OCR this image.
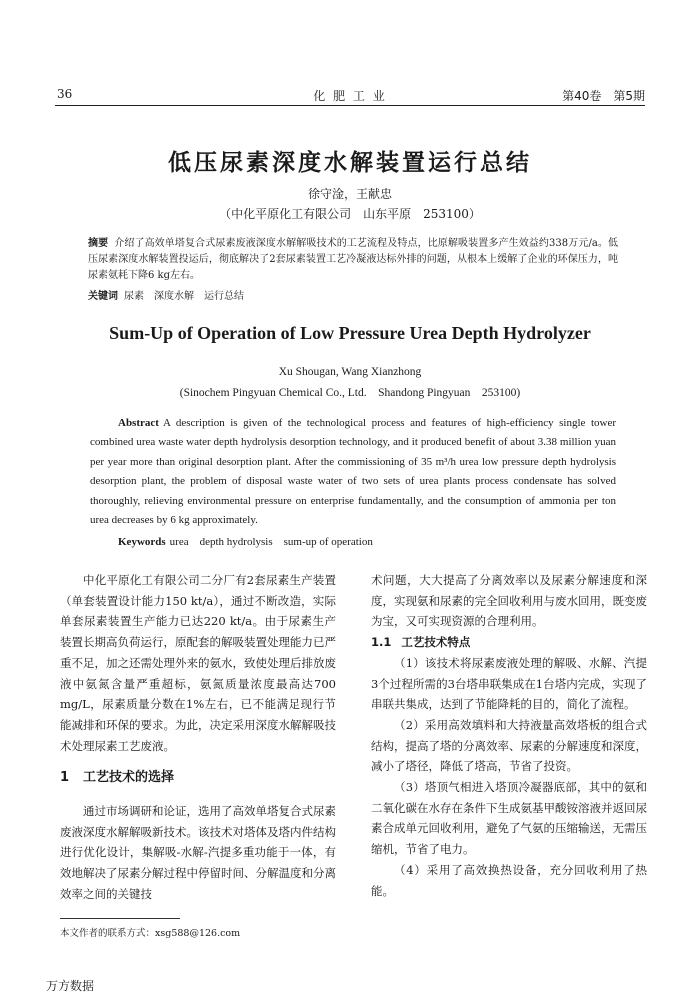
36	化 肥 工 业	第40卷　第5期
低压尿素深度水解装置运行总结
徐守淦，王献忠
（中化平原化工有限公司　山东平原　253100）
摘要 介绍了高效单塔复合式尿素废液深度水解解吸技术的工艺流程及特点，比原解吸装置多产生效益约338万元/a。低压尿素深度水解装置投运后，彻底解决了2套尿素装置工艺冷凝液达标外排的问题，从根本上缓解了企业的环保压力，吨尿素氨耗下降6 kg左右。
关键词 尿素　深度水解　运行总结
Sum-Up of Operation of Low Pressure Urea Depth Hydrolyzer
Xu Shougan, Wang Xianzhong
(Sinochem Pingyuan Chemical Co., Ltd.　Shandong Pingyuan　253100)
Abstract A description is given of the technological process and features of high-efficiency single tower combined urea waste water depth hydrolysis desorption technology, and it produced benefit of about 3.38 million yuan per year more than original desorption plant. After the commissioning of 35 m³/h urea low pressure depth hydrolysis desorption plant, the problem of disposal waste water of two sets of urea plants process condensate has solved thoroughly, relieving environmental pressure on enterprise fundamentally, and the consumption of ammonia per ton urea decreases by 6 kg approximately.
Keywords urea　depth hydrolysis　sum-up of operation

中化平原化工有限公司二分厂有2套尿素生产装置（单套装置设计能力150 kt/a），通过不断改造，实际单套尿素装置生产能力已达220 kt/a。由于尿素生产装置长期高负荷运行，原配套的解吸装置处理能力已严重不足，加之还需处理外来的氨水，致使处理后排放废液中氨氮含量严重超标，氨氮质量浓度最高达700 mg/L，尿素质量分数在1%左右，已不能满足现行节能减排和环保的要求。为此，决定采用深度水解解吸技术处理尿素工艺废液。

1 工艺技术的选择

通过市场调研和论证，选用了高效单塔复合式尿素废液深度水解解吸新技术。该技术对塔体及塔内件结构进行优化设计，集解吸-水解-汽提多重功能于一体，有效地解决了尿素分解过程中停留时间、分解温度和分离效率之间的关键技

术问题，大大提高了分离效率以及尿素分解速度和深度，实现氨和尿素的完全回收利用与废水回用，既变废为宝，又可实现资源的合理利用。

1.1 工艺技术特点

（1）该技术将尿素废液处理的解吸、水解、汽提3个过程所需的3台塔串联集成在1台塔内完成，实现了串联共集成，达到了节能降耗的目的，简化了流程。

（2）采用高效填料和大持液量高效塔板的组合式结构，提高了塔的分离效率、尿素的分解速度和深度，减小了塔径，降低了塔高，节省了投资。

（3）塔顶气相进入塔顶冷凝器底部，其中的氨和二氧化碳在水存在条件下生成氨基甲酸铵溶液并返回尿素合成单元回收利用，避免了气氨的压缩输送，无需压缩机，节省了电力。

（4）采用了高效换热设备，充分回收利用了热能。

本文作者的联系方式：xsg588@126.com
万方数据
